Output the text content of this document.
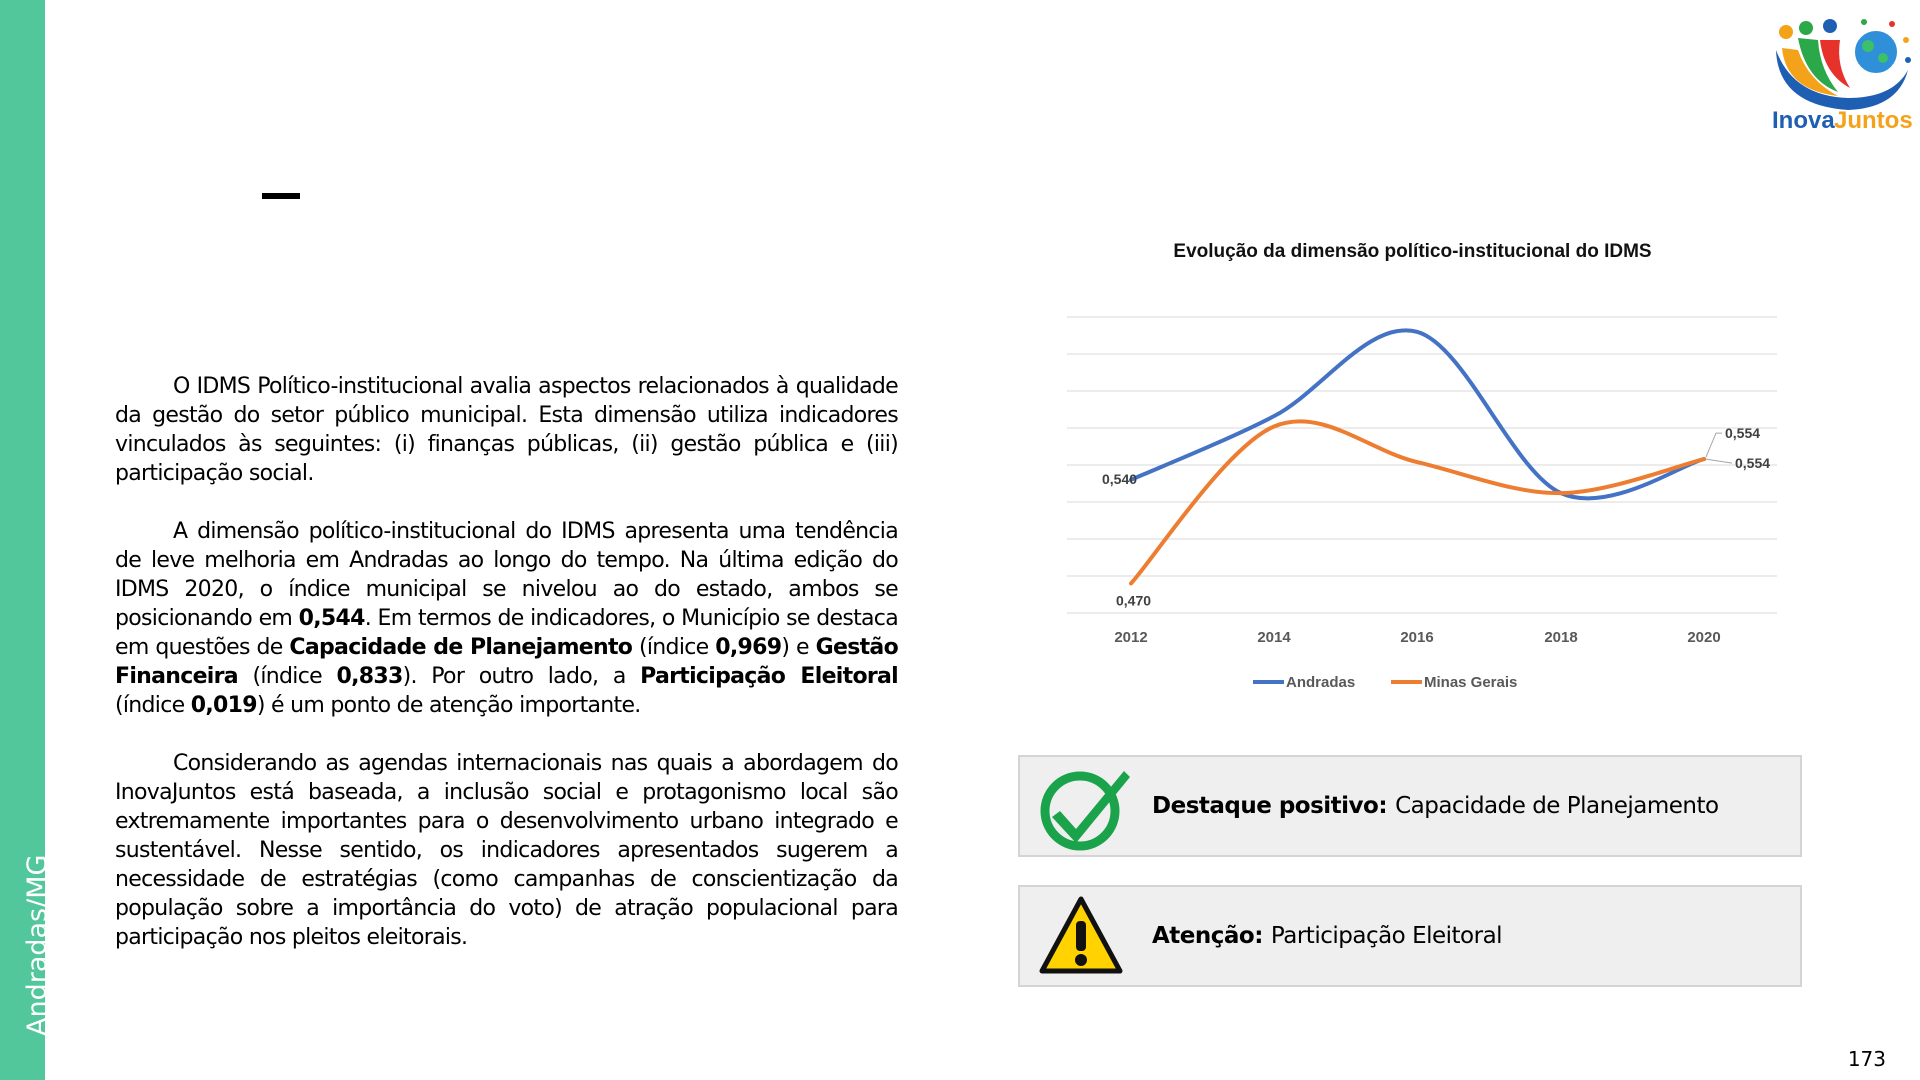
Andradas/MG
Inova Juntos

O IDMS Político-institucional avalia aspectos relacionados à qualidade da gestão do setor público municipal. Esta dimensão utiliza indicadores vinculados às seguintes: (i) finanças públicas, (ii) gestão pública e (iii) participação social.

A dimensão político-institucional do IDMS apresenta uma tendência de leve melhoria em Andradas ao longo do tempo. Na última edição do IDMS 2020, o índice municipal se nivelou ao do estado, ambos se posicionando em 0,544. Em termos de indicadores, o Município se destaca em questões de Capacidade de Planejamento (índice 0,969) e Gestão Financeira (índice 0,833). Por outro lado, a Participação Eleitoral (índice 0,019) é um ponto de atenção importante.

Considerando as agendas internacionais nas quais a abordagem do InovaJuntos está baseada, a inclusão social e protagonismo local são extremamente importantes para o desenvolvimento urbano integrado e sustentável. Nesse sentido, os indicadores apresentados sugerem a necessidade de estratégias (como campanhas de conscientização da população sobre a importância do voto) de atração populacional para participação nos pleitos eleitorais.

Evolução da dimensão político-institucional do IDMS
2012	2014	2016	2018	2020
0,540
0,470
0,554
0,554
Andradas	Minas Gerais
Destaque positivo: Capacidade de Planejamento
Atenção: Participação Eleitoral
173
